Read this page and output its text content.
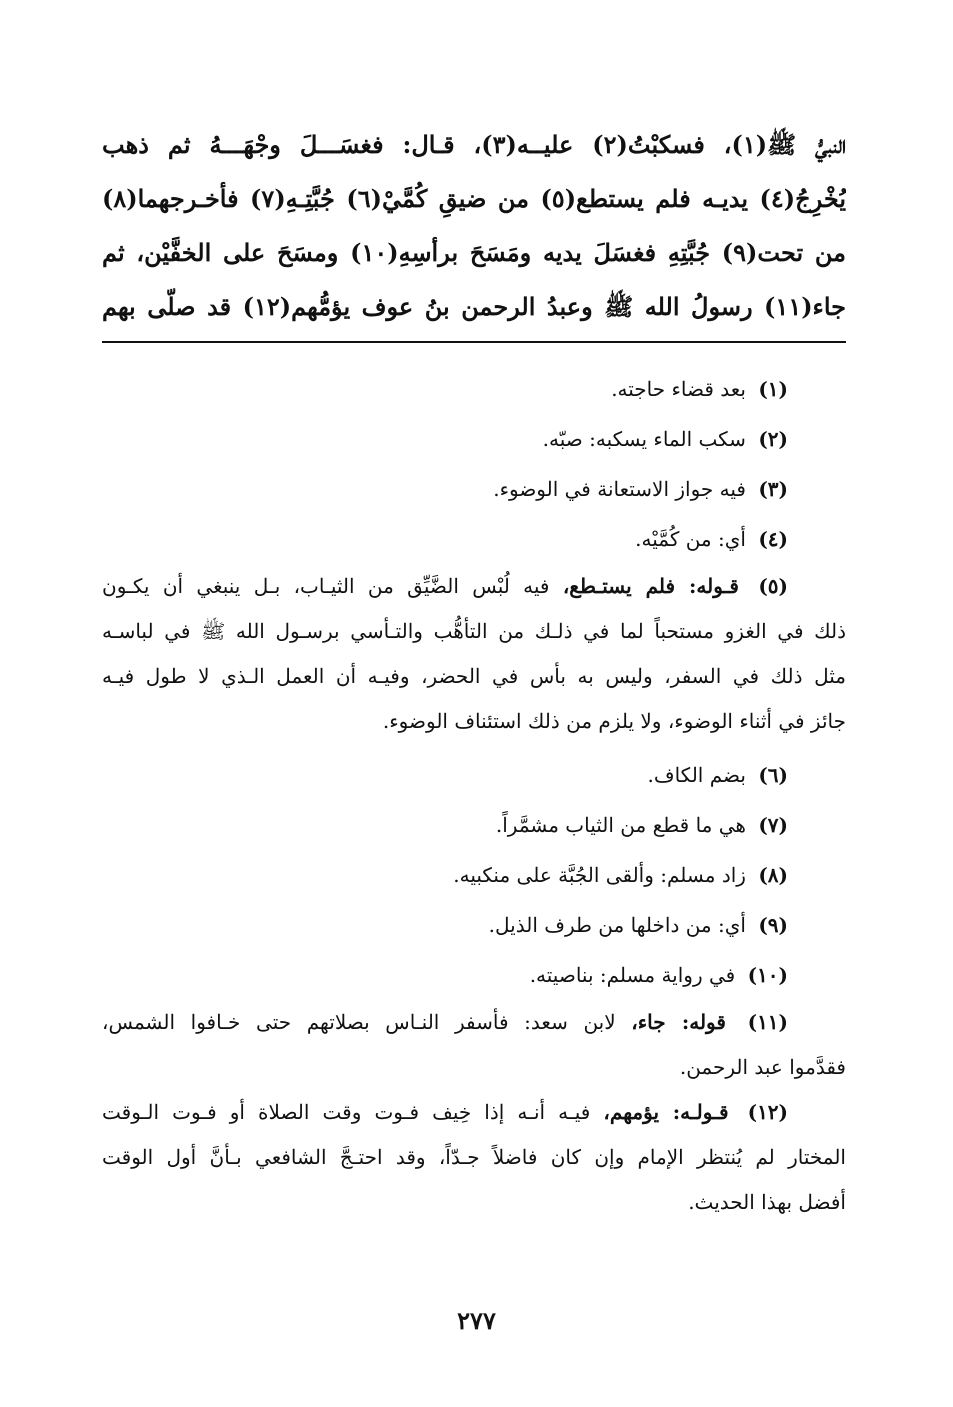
النبيُّ ﷺ(١)، فسكبْتُ(٢) عليــه(٣)، قـال: فغسَـــلَ وجْهَـــهُ ثم ذهب
يُخْرِجُ(٤) يديـه فلم يستطع(٥) من ضيقِ كُمَّيْ(٦) جُبَّتِـهِ(٧) فأخـرجهما(٨)
من تحت(٩) جُبَّتِهِ فغسَلَ يديه ومَسَحَ برأسِهِ(١٠) ومسَحَ على الخفَّيْن، ثم
جاء(١١) رسولُ الله ﷺ وعبدُ الرحمن بنُ عوف يؤمُّهم(١٢) قد صلّى بهم
(١) بعد قضاء حاجته.
(٢) سكب الماء يسكبه: صبّه.
(٣) فيه جواز الاستعانة في الوضوء.
(٤) أي: من كُمَّيْه.
(٥) قـوله: فلم يستـطع، فيه لُبْس الضَّيِّق من الثيـاب، بـل ينبغي أن يكـون
ذلك في الغزو مستحباً لما في ذلـك من التأهُّب والتـأسي برسـول الله ﷺ في لباسـه
مثل ذلك في السفر، وليس به بأس في الحضر، وفيـه أن العمل الـذي لا طول فيـه
جائز في أثناء الوضوء، ولا يلزم من ذلك استئناف الوضوء.
(٦) بضم الكاف.
(٧) هي ما قطع من الثياب مشمَّراً.
(٨) زاد مسلم: وألقى الجُبَّة على منكبيه.
(٩) أي: من داخلها من طرف الذيل.
(١٠) في رواية مسلم: بناصيته.
(١١) قوله: جاء، لابن سعد: فأسفر النـاس بصلاتهم حتى خـافوا الشمس،
فقدَّموا عبد الرحمن.
(١٢) قـولـه: يؤمهم، فيـه أنـه إذا خِيف فـوت وقت الصلاة أو فـوت الـوقت
المختار لم يُنتظر الإمام وإن كان فاضلاً جـدّاً، وقد احتـجَّ الشافعي بـأنَّ أول الوقت
أفضل بهذا الحديث.
٢٧٧
